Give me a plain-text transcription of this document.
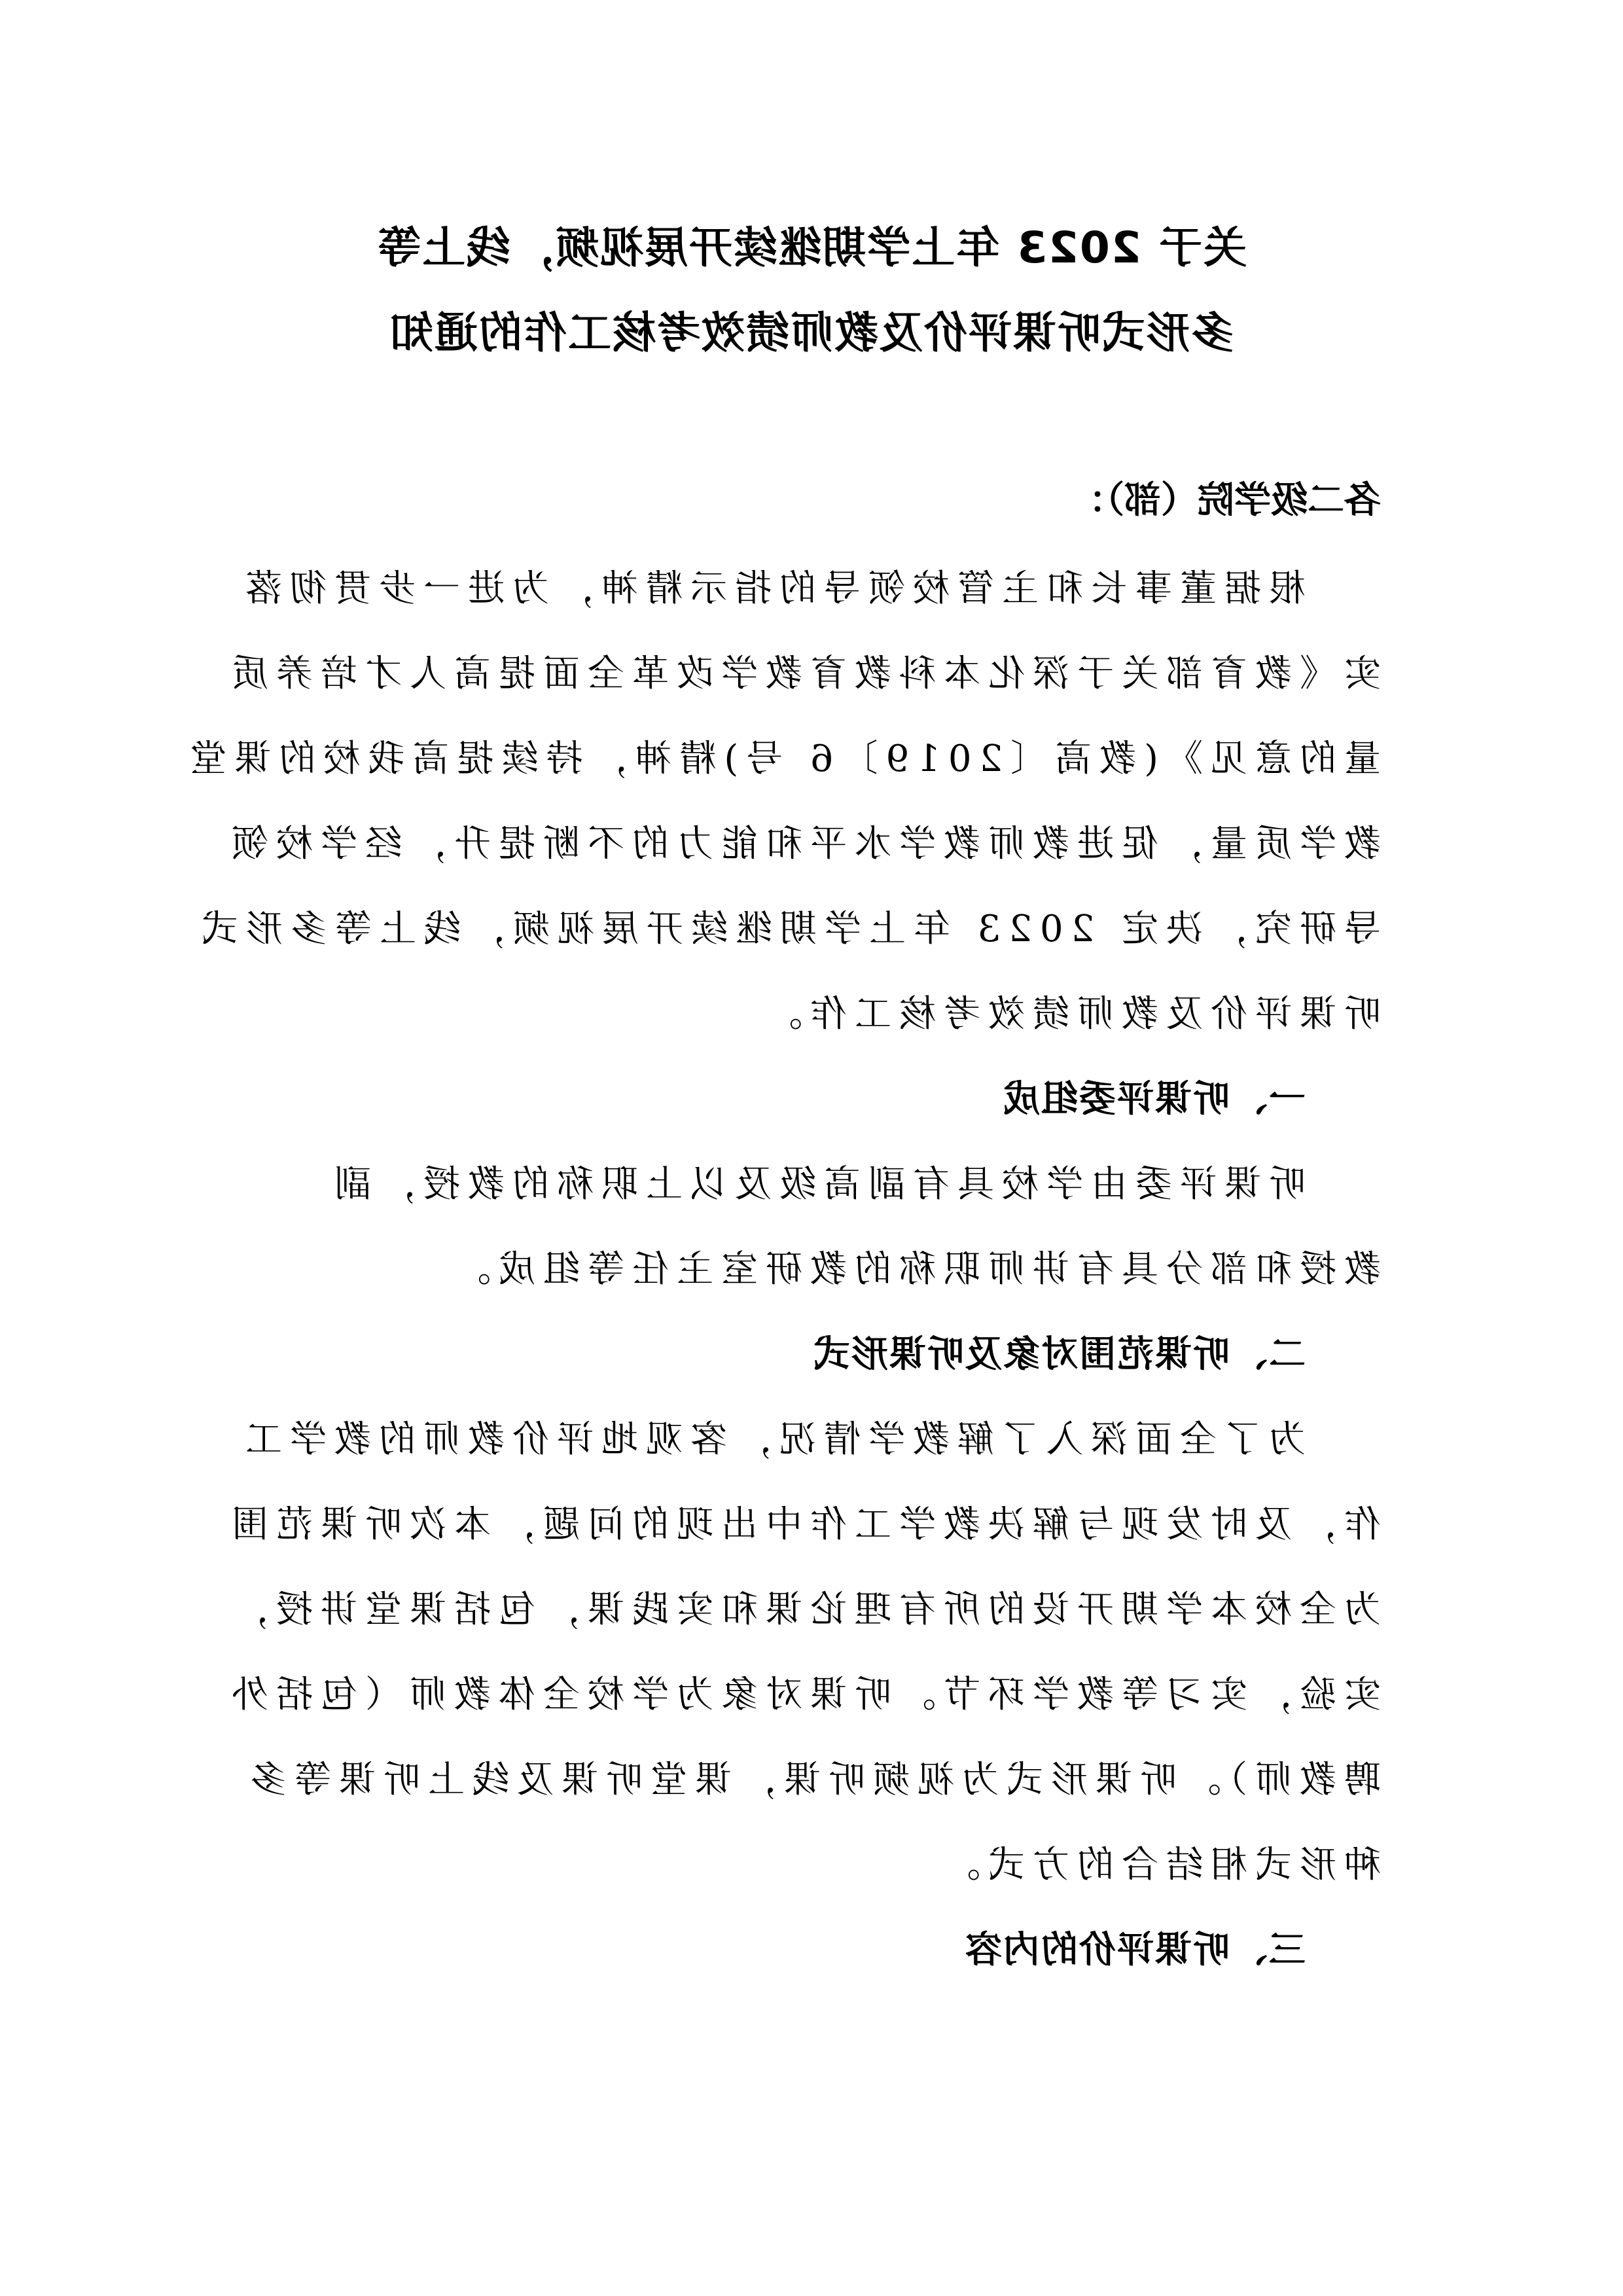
关于 2023 年上学期继续开展视频，线上等
多形式听课评价及教师绩效考核工作的通知
各二级学院（部）：
根据董事长和主管校领导的指示精神，为进一步贯彻落
实《教育部关于深化本科教育教学改革全面提高人才培养质
量的意见》(教高〔2019〕6 号)精神，持续提高我校的课堂
教学质量，促进教师教学水平和能力的不断提升，经学校领
导研究，决定 2023 年上学期继续开展视频，线上等多形式
听课评价及教师绩效考核工作。
一、听课评委组成
听课评委由学校具有副高级及以上职称的教授，副
教授和部分具有讲师职称的教研室主任等组成。
二、听课范围对象及听课形式
为了全面深入了解教学情况，客观地评价教师的教学工
作，及时发现与解决教学工作中出现的问题，本次听课范围
为全校本学期开设的所有理论课和实践课，包括课堂讲授，
实验，实习等教学环节。听课对象为学校全体教师（包括外
聘教师）。听课形式为视频听课，课堂听课及线上听课等多
种形式相结合的方式。
三、听课评价的内容
